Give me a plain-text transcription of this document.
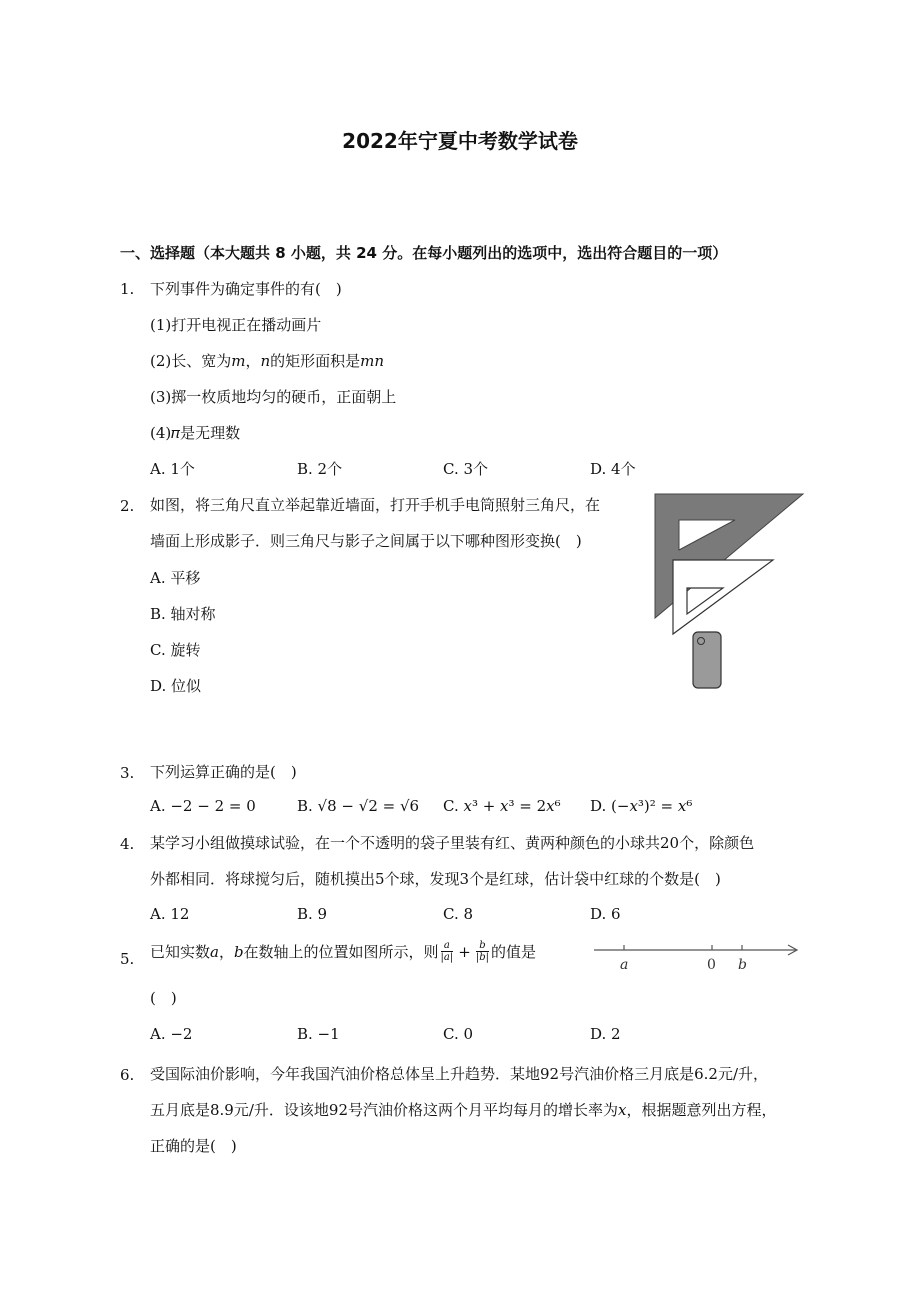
2022年宁夏中考数学试卷
一、选择题（本大题共 8 小题，共 24 分。在每小题列出的选项中，选出符合题目的一项）
1. 下列事件为确定事件的有(  )
(1)打开电视正在播动画片
(2)长、宽为𝑚，𝑛的矩形面积是𝑚𝑛
(3)掷一枚质地均匀的硬币，正面朝上
(4)𝜋是无理数
A. 1个	B. 2个	C. 3个	D. 4个
2. 如图，将三角尺直立举起靠近墙面，打开手机手电筒照射三角尺，在
墙面上形成影子．则三角尺与影子之间属于以下哪种图形变换(  )
A. 平移
B. 轴对称
C. 旋转
D. 位似
3. 下列运算正确的是(  )
A. −2 − 2 = 0	B. √8 − √2 = √6 C. 𝑥³ + 𝑥³ = 2𝑥⁶ D. (−𝑥³)² = 𝑥⁶
4. 某学习小组做摸球试验，在一个不透明的袋子里装有红、黄两种颜色的小球共20个，除颜色
外都相同．将球搅匀后，随机摸出5个球，发现3个是红球，估计袋中红球的个数是(  )
A. 12	B. 9	C. 8	D. 6
5. 已知实数𝑎，𝑏在数轴上的位置如图所示，则 𝑎
|𝑎| + 𝑏
|𝑏| 的值是
(  )
𝑎	0 𝑏
A. −2	B. −1	C. 0	D. 2
6. 受国际油价影响，今年我国汽油价格总体呈上升趋势．某地92号汽油价格三月底是6.2元/升，
五月底是8.9元/升．设该地92号汽油价格这两个月平均每月的增长率为𝑥，根据题意列出方程，
正确的是(  )
